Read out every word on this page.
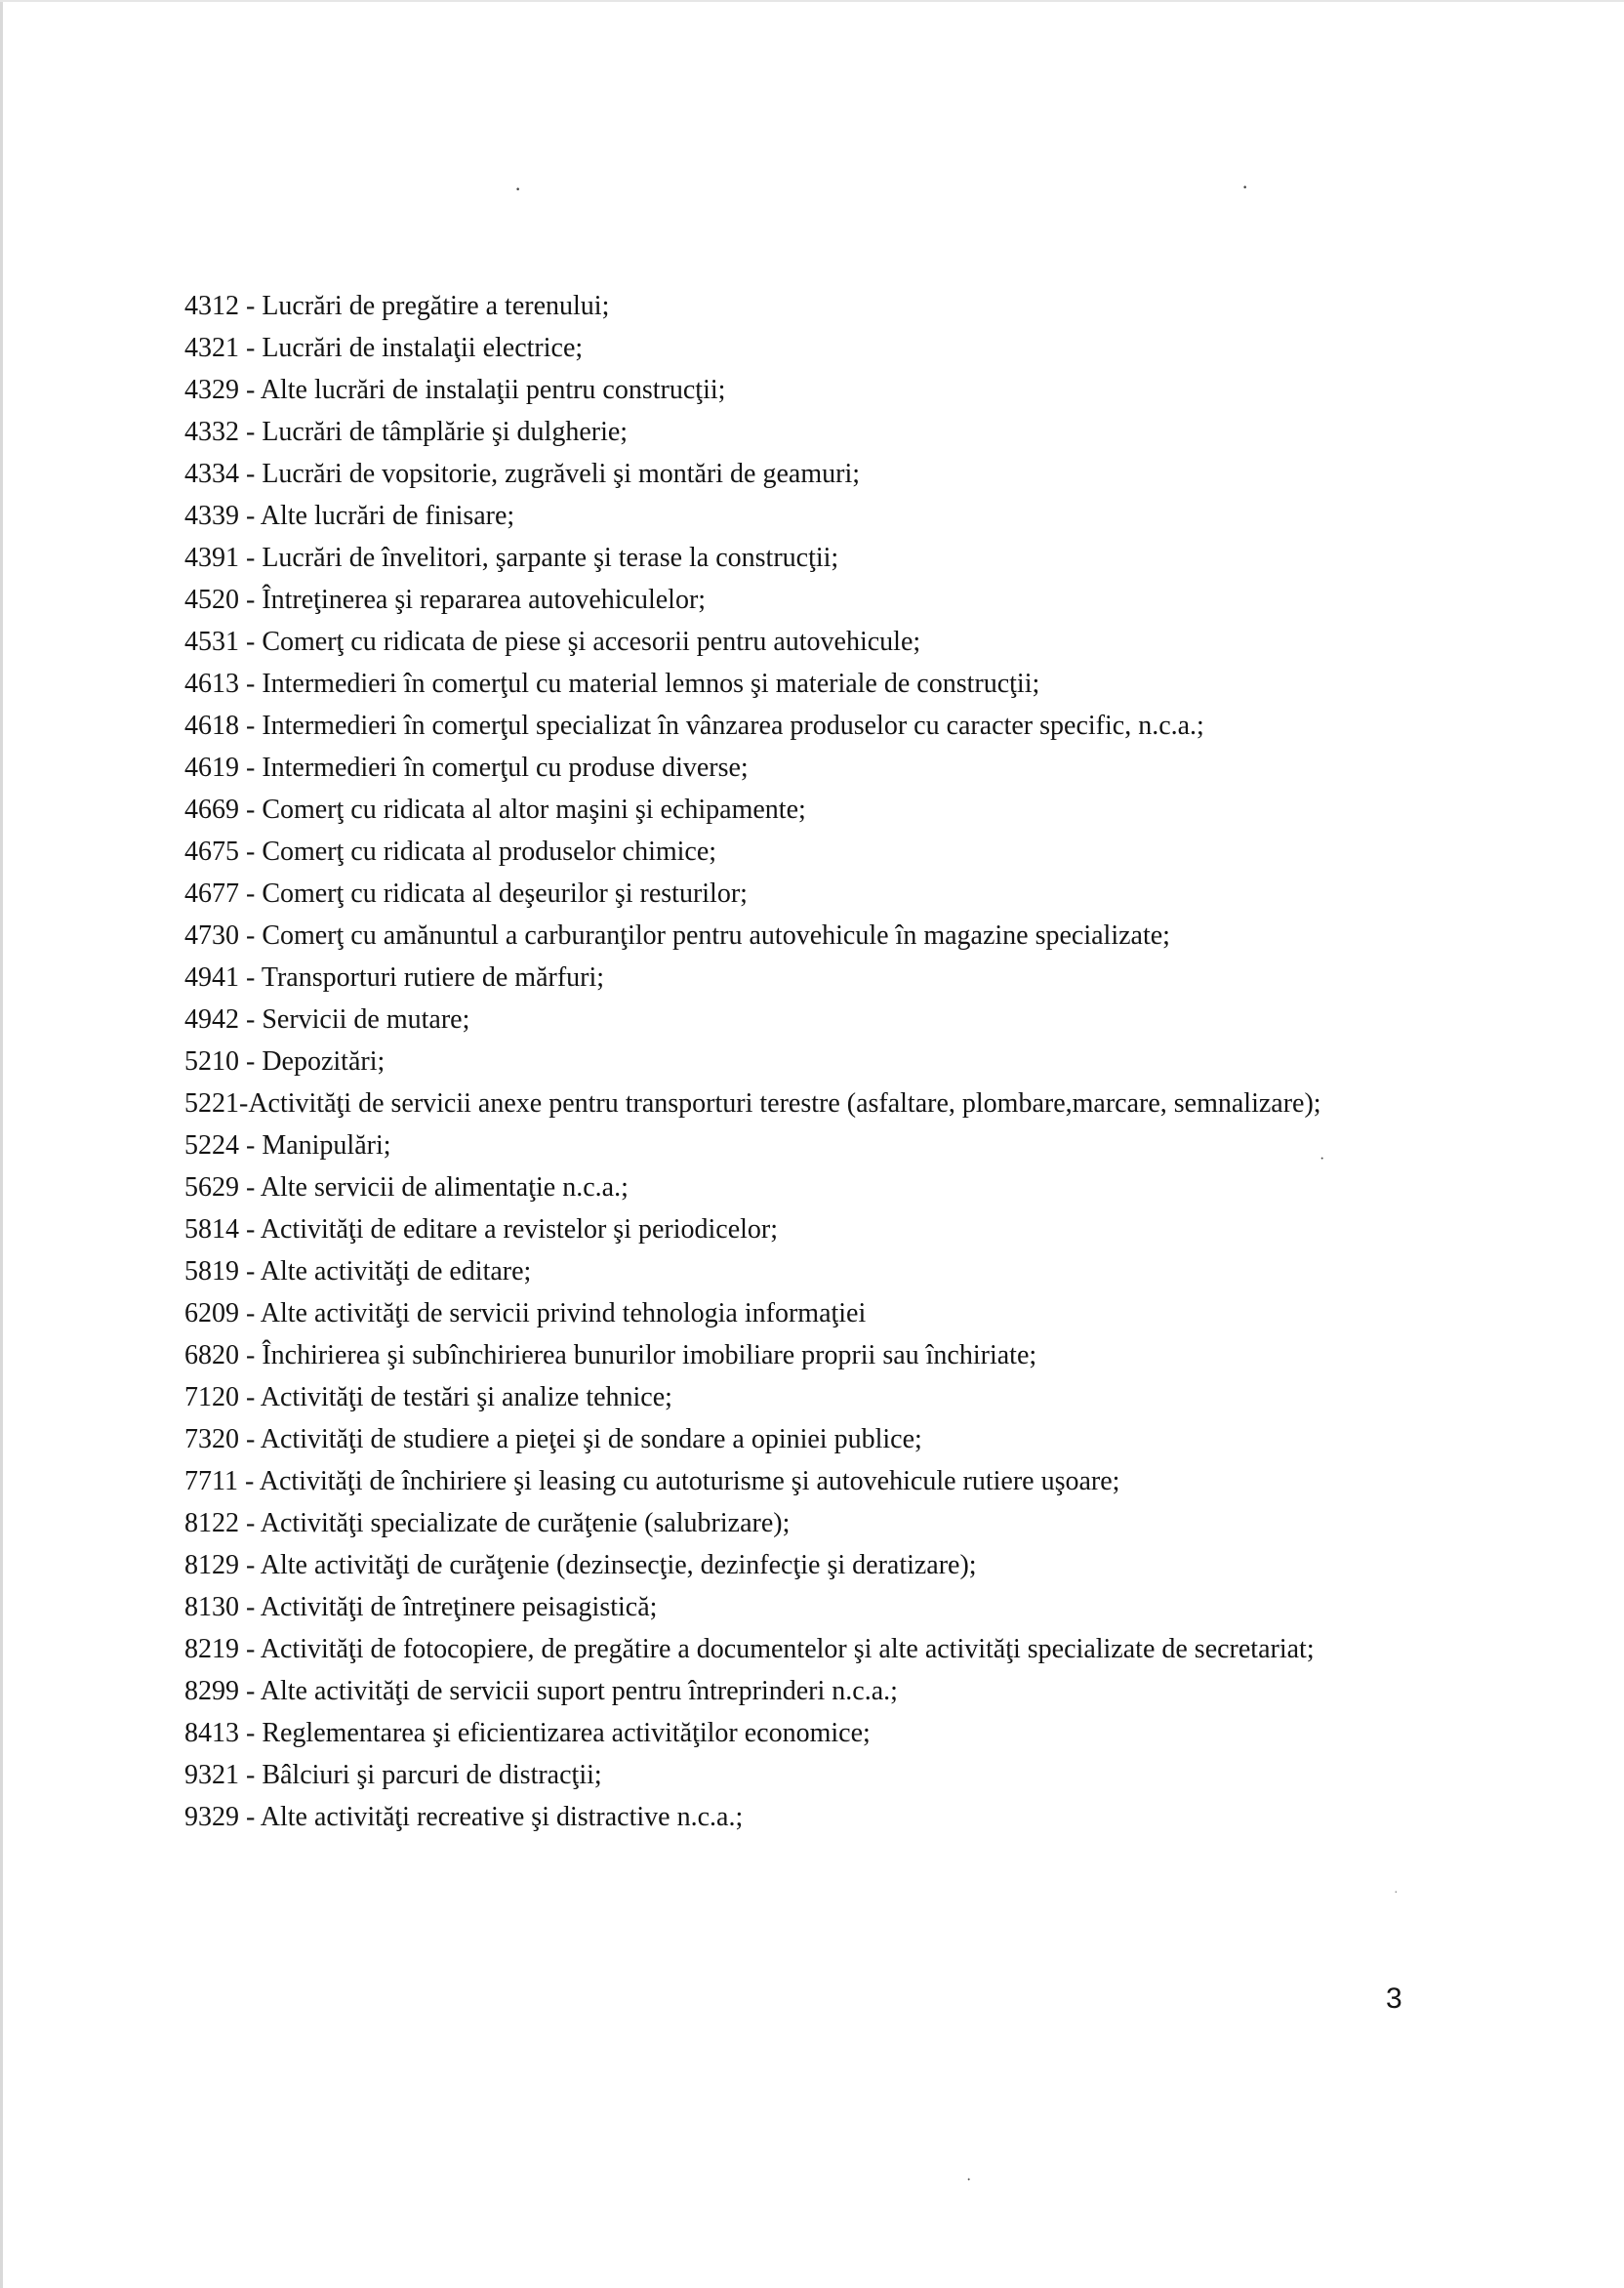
·	·
·
·
·
4312 - Lucrări de pregătire a terenului;
4321 - Lucrări de instalaţii electrice;
4329 - Alte lucrări de instalaţii pentru construcţii;
4332 - Lucrări de tâmplărie şi dulgherie;
4334 - Lucrări de vopsitorie, zugrăveli şi montări de geamuri;
4339 - Alte lucrări de finisare;
4391 - Lucrări de învelitori, şarpante şi terase la construcţii;
4520 - Întreţinerea şi repararea autovehiculelor;
4531 - Comerţ cu ridicata de piese şi accesorii pentru autovehicule;
4613 - Intermedieri în comerţul cu material lemnos şi materiale de construcţii;
4618 - Intermedieri în comerţul specializat în vânzarea produselor cu caracter specific, n.c.a.;
4619 - Intermedieri în comerţul cu produse diverse;
4669 - Comerţ cu ridicata al altor maşini şi echipamente;
4675 - Comerţ cu ridicata al produselor chimice;
4677 - Comerţ cu ridicata al deşeurilor şi resturilor;
4730 - Comerţ cu amănuntul a carburanţilor pentru autovehicule în magazine specializate;
4941 - Transporturi rutiere de mărfuri;
4942 - Servicii de mutare;
5210 - Depozitări;
5221-Activităţi de servicii anexe pentru transporturi terestre (asfaltare, plombare,marcare, semnalizare);
5224 - Manipulări;
5629 - Alte servicii de alimentaţie n.c.a.;
5814 - Activităţi de editare a revistelor şi periodicelor;
5819 - Alte activităţi de editare;
6209 - Alte activităţi de servicii privind tehnologia informaţiei
6820 - Închirierea şi subînchirierea bunurilor imobiliare proprii sau închiriate;
7120 - Activităţi de testări şi analize tehnice;
7320 - Activităţi de studiere a pieţei şi de sondare a opiniei publice;
7711 - Activităţi de închiriere şi leasing cu autoturisme şi autovehicule rutiere uşoare;
8122 - Activităţi specializate de curăţenie (salubrizare);
8129 - Alte activităţi de curăţenie (dezinsecţie, dezinfecţie şi deratizare);
8130 - Activităţi de întreţinere peisagistică;
8219 - Activităţi de fotocopiere, de pregătire a documentelor şi alte activităţi specializate de secretariat;
8299 - Alte activităţi de servicii suport pentru întreprinderi n.c.a.;
8413 - Reglementarea şi eficientizarea activităţilor economice;
9321 - Bâlciuri şi parcuri de distracţii;
9329 - Alte activităţi recreative şi distractive n.c.a.;
3
